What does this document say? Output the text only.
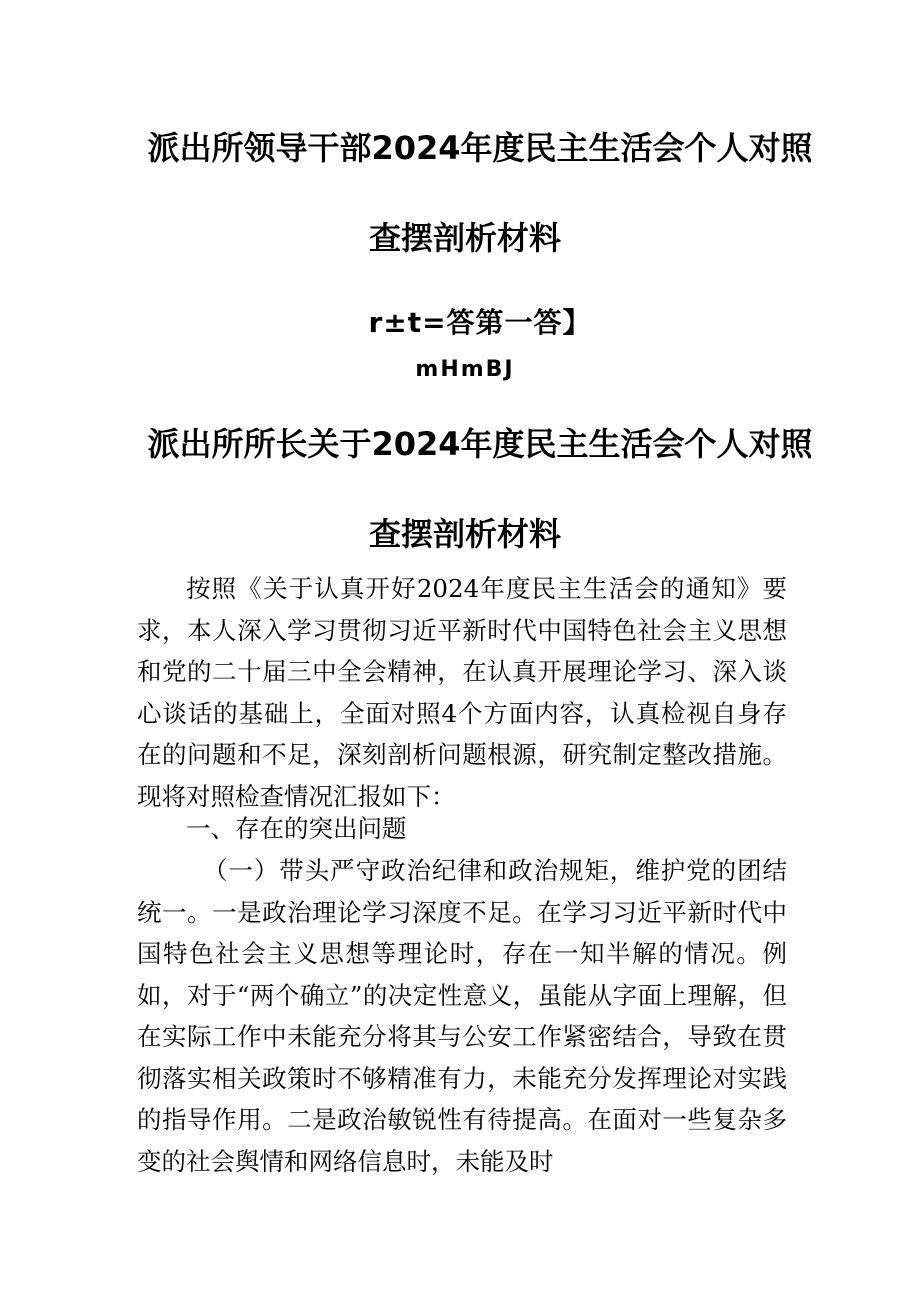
派出所领导干部2024年度民主生活会个人对照
查摆剖析材料
r±t=答第一答】
mHmBJ
派出所所长关于2024年度民主生活会个人对照
查摆剖析材料
按照《关于认真开好2024年度民主生活会的通知》要求，本人深入学习贯彻习近平新时代中国特色社会主义思想和党的二十届三中全会精神，在认真开展理论学习、深入谈心谈话的基础上，全面对照4个方面内容，认真检视自身存在的问题和不足，深刻剖析问题根源，研究制定整改措施。现将对照检查情况汇报如下：
一、存在的突出问题
（一）带头严守政治纪律和政治规矩，维护党的团结统一。一是政治理论学习深度不足。在学习习近平新时代中国特色社会主义思想等理论时，存在一知半解的情况。例如，对于“两个确立”的决定性意义，虽能从字面上理解，但在实际工作中未能充分将其与公安工作紧密结合，导致在贯彻落实相关政策时不够精准有力，未能充分发挥理论对实践的指导作用。二是政治敏锐性有待提高。在面对一些复杂多变的社会舆情和网络信息时，未能及时
